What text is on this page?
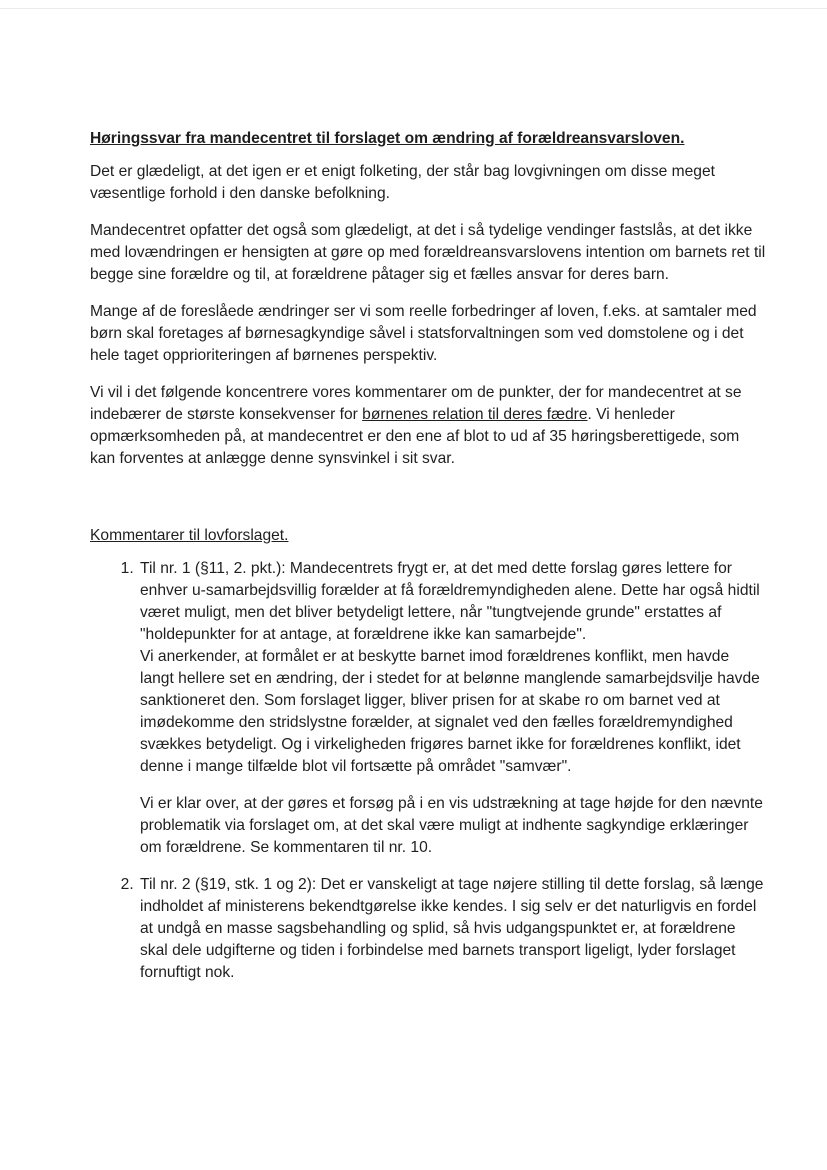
Høringssvar fra mandecentret til forslaget om ændring af forældreansvarsloven.

Det er glædeligt, at det igen er et enigt folketing, der står bag lovgivningen om disse meget væsentlige forhold i den danske befolkning.

Mandecentret opfatter det også som glædeligt, at det i så tydelige vendinger fastslås, at det ikke med lovændringen er hensigten at gøre op med forældreansvarslovens intention om barnets ret til begge sine forældre og til, at forældrene påtager sig et fælles ansvar for deres barn.

Mange af de foreslåede ændringer ser vi som reelle forbedringer af loven, f.eks. at samtaler med børn skal foretages af børnesagkyndige såvel i statsforvaltningen som ved domstolene og i det hele taget opprioriteringen af børnenes perspektiv.

Vi vil i det følgende koncentrere vores kommentarer om de punkter, der for mandecentret at se indebærer de største konsekvenser for børnenes relation til deres fædre. Vi henleder opmærksomheden på, at mandecentret er den ene af blot to ud af 35 høringsberettigede, som kan forventes at anlægge denne synsvinkel i sit svar.

Kommentarer til lovforslaget.

1. Til nr. 1 (§11, 2. pkt.): Mandecentrets frygt er, at det med dette forslag gøres lettere for enhver u-samarbejdsvillig forælder at få forældremyndigheden alene. Dette har også hidtil været muligt, men det bliver betydeligt lettere, når "tungtvejende grunde" erstattes af "holdepunkter for at antage, at forældrene ikke kan samarbejde".
Vi anerkender, at formålet er at beskytte barnet imod forældrenes konflikt, men havde langt hellere set en ændring, der i stedet for at belønne manglende samarbejdsvilje havde sanktioneret den. Som forslaget ligger, bliver prisen for at skabe ro om barnet ved at imødekomme den stridslystne forælder, at signalet ved den fælles forældremyndighed svækkes betydeligt. Og i virkeligheden frigøres barnet ikke for forældrenes konflikt, idet denne i mange tilfælde blot vil fortsætte på området "samvær".

Vi er klar over, at der gøres et forsøg på i en vis udstrækning at tage højde for den nævnte problematik via forslaget om, at det skal være muligt at indhente sagkyndige erklæringer om forældrene. Se kommentaren til nr. 10.

2. Til nr. 2 (§19, stk. 1 og 2): Det er vanskeligt at tage nøjere stilling til dette forslag, så længe indholdet af ministerens bekendtgørelse ikke kendes. I sig selv er det naturligvis en fordel at undgå en masse sagsbehandling og splid, så hvis udgangspunktet er, at forældrene skal dele udgifterne og tiden i forbindelse med barnets transport ligeligt, lyder forslaget fornuftigt nok.
